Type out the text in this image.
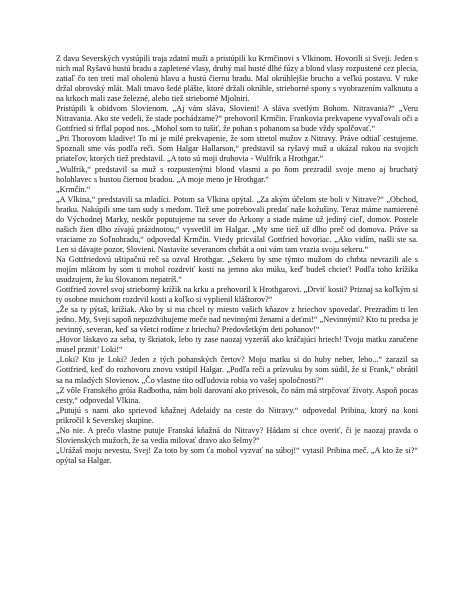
Z davu Severských vystúpili traja zdatní muži a pristúpili ku Krmčinovi s Vlkinom. Hovorili si Sveji. Jeden s nich mal Ryšavú hustú bradu a zapletené vlasy, druhý mal husté dlhé fúzy a blond vlasy rozpustené cez plecia, zatiaľ čo ten tretí mal oholenú hlavu a hustú čiernu bradu. Mal okrúhlejšie brucho a veľkú postavu. V ruke držal obrovský mlát. Mali tmavo šedé plášte, ktoré držali okrúhle, strieborné spony s vyobrazením valknutu a na krkoch mali zase železné, alebo tiež strieborné Mjolniri.

Pristúpili k obidvom Slovienom. „Aj vám sláva, Slovieni! A sláva svetlým Bohom. Nitravania?“ „Veru Nitravania. Ako ste vedeli, že stade pochádzame?“ prehovoril Krmčin. Frankovia prekvapene vyvaľovali oči a Gottfried si frflal popod nos. „Mohol som to tušiť, že pohan s pohanom sa bude vždy spolčovať.“

„Pri Thorovom kladive! To mi je milé prekvapenie, že som stretol mužov z Nitravy. Práve odtiaľ cestujeme. Spoznali sme vás podľa reči. Som Halgar Hallarson,“ predstavil sa ryšavý muž a ukázal rukou na svojich priateľov, ktorých tiež predstavil. „A toto sú moji druhovia - Wulfrik a Hrothgar.“

„Wulfrik,“ predstavil sa muž s rozpustenými blond vlasmi a po ňom prezradil svoje meno aj bruchatý holohlavec s hustou čiernou bradou. „A moje meno je Hrothgar.“

„Krmčin.“

„A Vlkina,“ predstavili sa mladíci. Potom sa Vlkina opýtal. „Za akým účelom ste boli v Nitrave?“ „Obchod, bratku. Nakúpili sme tam sudy s medom. Tiež sme potrebovali predať naše kožušiny. Teraz máme namierené do Východnej Marky, neskôr poputujeme na sever do Arkony a stade máme už jediný cieľ, domov. Postele našich žien dlho zívajú prázdnotou,“ vysvetlil im Halgar. „My sme tiež už dlho preč od domova. Práve sa vraciame zo Soľnohradu,“ odpovedal Krmčin. Vtedy pricválal Gottfried hovoriac. „Ako vidím, našli ste sa. Len si dávajte pozor, Slovieni. Nastavíte severanom chrbát a oni vám tam vrazia svoju sekeru.“

Na Gottfriedovú uštipačnú reč sa ozval Hrothgar. „Sekeru by sme týmto mužom do chrbta nevrazili ale s mojím mlátom by som ti mohol rozdrviť kosti na jemno ako múku, keď budeš chcieť! Podľa toho krížika usudzujem, že ku Slovanom nepatríš.“

Gottfried zovrel svoj strieborný krížik na krku a prehovoril k Hrothgarovi. „Drviť kosti? Priznaj sa koľkým si ty osobne mnichom rozdrvil kosti a koľko si vyplienil kláštorov?“

„Že sa ty pýtaš, krížiak. Ako by si ma chcel ty miesto vašich kňazov z hriechov spovedať. Prezradím ti len jedno. My, Sveji sapoň nepozdvihujeme meče nad nevinnými ženami a deťmi!“ „Nevinnými? Kto tu predsa je nevinný, severan, keď sa všetci rodíme z hriechu? Predovšetkým deti pohanov!“

„Hovor láskavo za seba, ty škriatok, lebo ty zase naozaj vyzeráš ako kráčajúci hriech! Tvoju matku zaručene musel prznit’ Loki!“

„Loki? Kto je Loki? Jeden z tých pohanských čertov? Moju matku si do huby neber, lebo...“ zarazil sa Gottfried, keď do rozhovoru znovu vstúpil Halgar. „Podľa reči a prízvuku by som súdil, že si Frank,“ obrátil sa na mladých Slovienov. „Čo vlastne títo odľudovia robia vo vašej spoločnosti?“

„Z vôle Franského gróía Radbotha, nám boli darovaní ako prívesok, čo nám má strpčovať životy. Aspoň pocas cesty,“ odpovedal Vlkina.

„Putujú s nami ako sprievod kňažnej Adelaidy na ceste do Nitravy.“ odpovedal Pribina, ktorý na koni prikročil k Severskej skupine.

„No nie. A prečo vlastne putuje Franská kňažná do Nitravy? Hádam si chce overiť, či je naozaj pravda o Slovienských mužoch, že sa vedia milovať dravo ako šelmy?“

„Urážaš moju nevestu, Svej! Za toto by som ťa mohol vyzvať na súboj!“ vytasil Pribina meč. „A kto že si?“ opýtal sa Halgar.
